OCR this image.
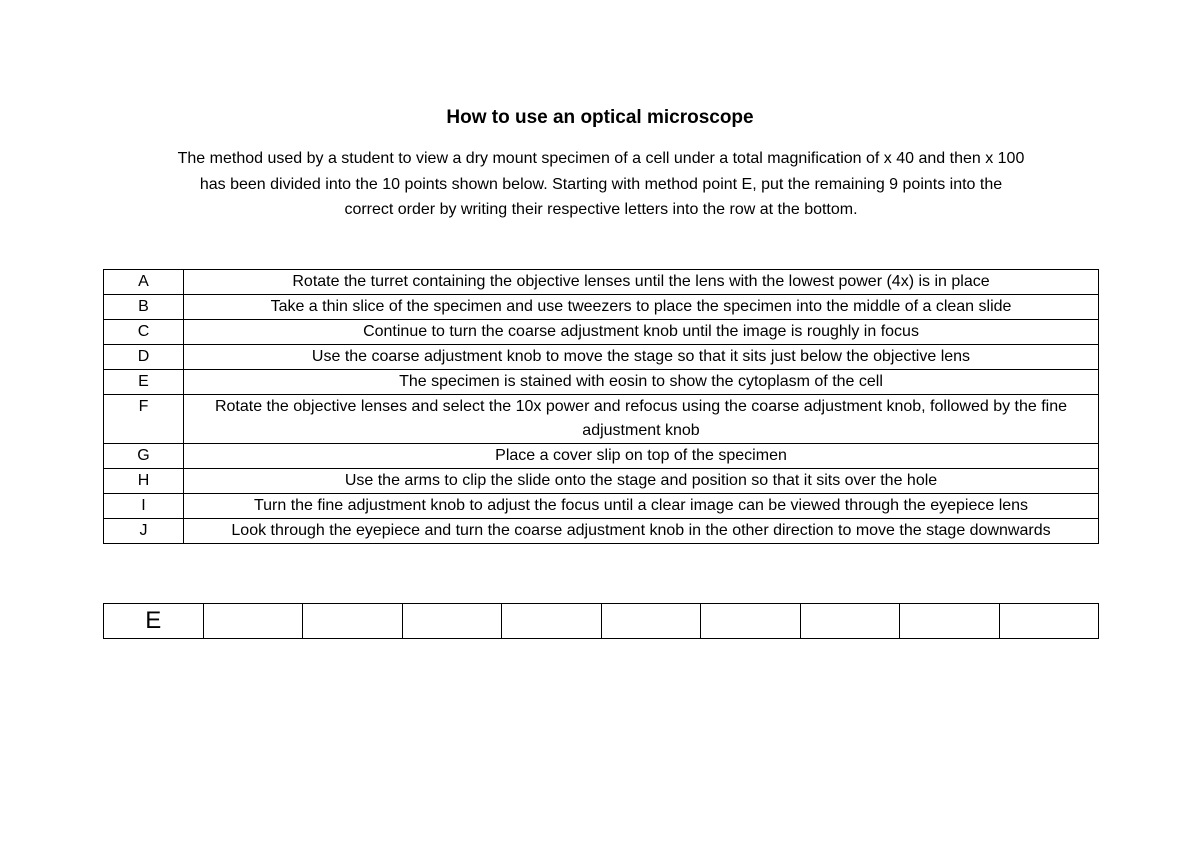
How to use an optical microscope
The method used by a student to view a dry mount specimen of a cell under a total magnification of x 40 and then x 100
has been divided into the 10 points shown below. Starting with method point E, put the remaining 9 points into the
correct order by writing their respective letters into the row at the bottom.
A	Rotate the turret containing the objective lenses until the lens with the lowest power (4x) is in place
B	Take a thin slice of the specimen and use tweezers to place the specimen into the middle of a clean slide
C	Continue to turn the coarse adjustment knob until the image is roughly in focus
D	Use the coarse adjustment knob to move the stage so that it sits just below the objective lens
E	The specimen is stained with eosin to show the cytoplasm of the cell
F	Rotate the objective lenses and select the 10x power and refocus using the coarse adjustment knob, followed by the fine adjustment knob
G	Place a cover slip on top of the specimen
H	Use the arms to clip the slide onto the stage and position so that it sits over the hole
I	Turn the fine adjustment knob to adjust the focus until a clear image can be viewed through the eyepiece lens
J	Look through the eyepiece and turn the coarse adjustment knob in the other direction to move the stage downwards
E									
